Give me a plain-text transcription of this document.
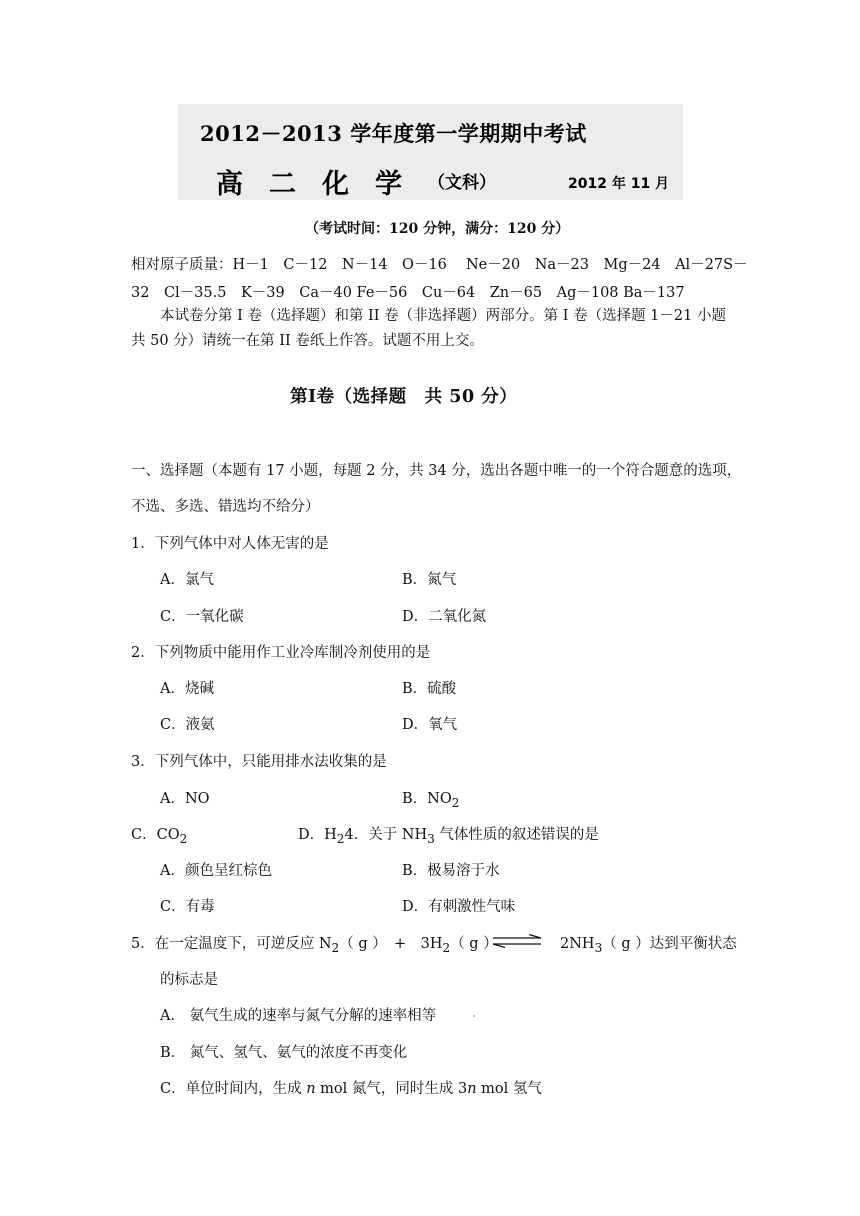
2012－2013 学年度第一学期期中考试
高二化学 （文科）	2012 年 11 月
（考试时间：120 分钟，满分：120 分）
相对原子质量：H－1　C－12　N－14　O－16　 Ne－20　Na－23　Mg－24　Al－27S－
32　Cl－35.5　K－39　Ca－40 Fe－56　Cu－64　Zn－65　Ag－108 Ba－137
本试卷分第 I 卷（选择题）和第 II 卷（非选择题）两部分。第 I 卷（选择题 1－21 小题
共 50 分）请统一在第 II 卷纸上作答。试题不用上交。
第Ⅰ卷（选择题　共 50 分）
一、选择题（本题有 17 小题，每题 2 分，共 34 分，选出各题中唯一的一个符合题意的选项，
不选、多选、错选均不给分）
1．下列气体中对人体无害的是
A．氯气	B．氮气
C．一氧化碳	D．二氧化氮
2．下列物质中能用作工业冷库制冷剂使用的是
A．烧碱	B．硫酸
C．液氨	D．氧气
3．下列气体中，只能用排水法收集的是
A．NO	B．$NO_2$
C．$CO_2$	D．$H_24$．关于 $NH_3$ 气体性质的叙述错误的是
A．颜色呈红棕色	B．极易溶于水
C．有毒	D．有刺激性气味
5．在一定温度下，可逆反应 $N_2$（ g ）　+　$3H_2$（ g ） ⇌ $2NH_3$（ g ）达到平衡状态
的标志是
A． 氨气生成的速率与氮气分解的速率相等
B． 氮气、氢气、氨气的浓度不再变化
C．单位时间内，生成 n mol 氮气，同时生成 3n mol 氢气
